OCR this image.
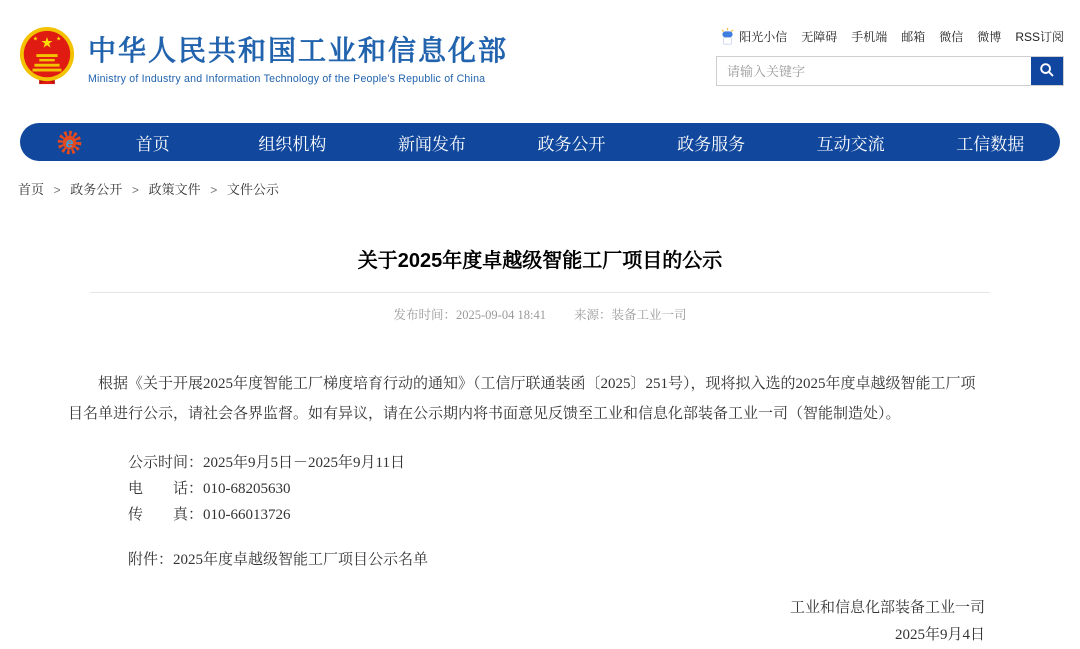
★
★	★ 中华人民共和国工业和信息化部
Ministry of Industry and Information Technology of the People's Republic of China
阳光小信 无障碍 手机端 邮箱 微信 微博 RSS订阅
请输入关键字
e	首页	组织机构	新闻发布	政务公开	政务服务	互动交流	工信数据
首页 > 政务公开 > 政策文件 > 文件公示
关于2025年度卓越级智能工厂项目的公示
发布时间：2025-09-04 18:41 来源：装备工业一司

根据《关于开展2025年度智能工厂梯度培育行动的通知》（工信厅联通装函〔2025〕251号），现将拟入选的2025年度卓越级智能工厂项目名单进行公示，请社会各界监督。如有异议，请在公示期内将书面意见反馈至工业和信息化部装备工业一司（智能制造处）。

公示时间：2025年9月5日－2025年9月11日
电　　话：010-68205630
传　　真：010-66013726
附件：2025年度卓越级智能工厂项目公示名单
工业和信息化部装备工业一司
2025年9月4日
